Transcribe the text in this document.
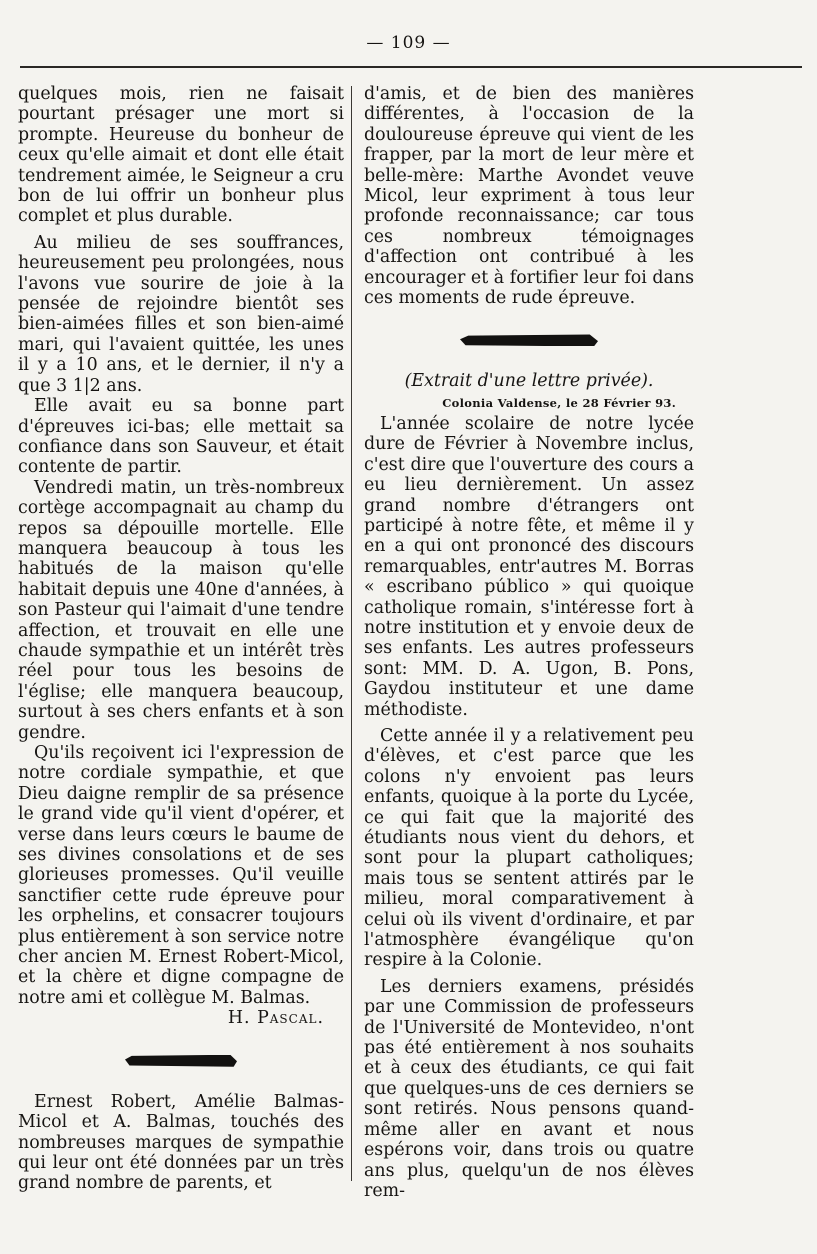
— 109 —

quelques mois, rien ne faisait pourtant présager une mort si prompte. Heureuse du bonheur de ceux qu'elle aimait et dont elle était tendrement aimée, le Seigneur a cru bon de lui offrir un bonheur plus complet et plus durable.

Au milieu de ses souffrances, heureusement peu prolongées, nous l'avons vue sourire de joie à la pensée de rejoindre bientôt ses bien-aimées filles et son bien-aimé mari, qui l'avaient quittée, les unes il y a 10 ans, et le dernier, il n'y a que 3 1|2 ans.

Elle avait eu sa bonne part d'épreuves ici-bas; elle mettait sa confiance dans son Sauveur, et était contente de partir.

Vendredi matin, un très-nombreux cortège accompagnait au champ du repos sa dépouille mortelle. Elle manquera beaucoup à tous les habitués de la maison qu'elle habitait depuis une 40ne d'années, à son Pasteur qui l'aimait d'une tendre affection, et trouvait en elle une chaude sympathie et un intérêt très réel pour tous les besoins de l'église; elle manquera beaucoup, surtout à ses chers enfants et à son gendre.

Qu'ils reçoivent ici l'expression de notre cordiale sympathie, et que Dieu daigne remplir de sa présence le grand vide qu'il vient d'opérer, et verse dans leurs cœurs le baume de ses divines consolations et de ses glorieuses promesses. Qu'il veuille sanctifier cette rude épreuve pour les orphelins, et consacrer toujours plus entièrement à son service notre cher ancien M. Ernest Robert-Micol, et la chère et digne compagne de notre ami et collègue M. Balmas.

H. Pascal.

Ernest Robert, Amélie Balmas-Micol et A. Balmas, touchés des nombreuses marques de sympathie qui leur ont été données par un très grand nombre de parents, et

d'amis, et de bien des manières différentes, à l'occasion de la douloureuse épreuve qui vient de les frapper, par la mort de leur mère et belle-mère: Marthe Avondet veuve Micol, leur expriment à tous leur profonde reconnaissance; car tous ces nombreux témoignages d'affection ont contribué à les encourager et à fortifier leur foi dans ces moments de rude épreuve.

(Extrait d'une lettre privée).
Colonia Valdense, le 28 Février 93.

L'année scolaire de notre lycée dure de Février à Novembre inclus, c'est dire que l'ouverture des cours a eu lieu dernièrement. Un assez grand nombre d'étrangers ont participé à notre fête, et même il y en a qui ont prononcé des discours remarquables, entr'autres M. Borras « escribano público » qui quoique catholique romain, s'intéresse fort à notre institution et y envoie deux de ses enfants. Les autres professeurs sont: MM. D. A. Ugon, B. Pons, Gaydou instituteur et une dame méthodiste.

Cette année il y a relativement peu d'élèves, et c'est parce que les colons n'y envoient pas leurs enfants, quoique à la porte du Lycée, ce qui fait que la majorité des étudiants nous vient du dehors, et sont pour la plupart catholiques; mais tous se sentent attirés par le milieu, moral comparativement à celui où ils vivent d'ordinaire, et par l'atmosphère évangélique qu'on respire à la Colonie.

Les derniers examens, présidés par une Commission de professeurs de l'Université de Montevideo, n'ont pas été entièrement à nos souhaits et à ceux des étudiants, ce qui fait que quelques-uns de ces derniers se sont retirés. Nous pensons quand-même aller en avant et nous espérons voir, dans trois ou quatre ans plus, quelqu'un de nos élèves rem-
